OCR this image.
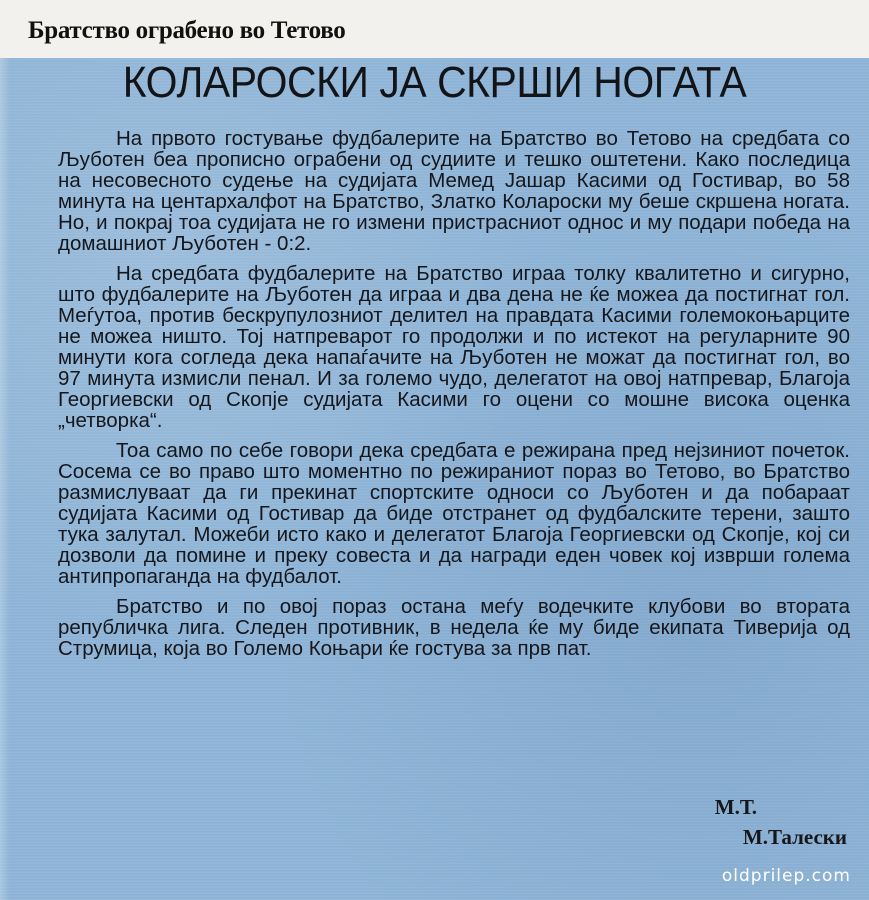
Братство ограбено во Тетово
КОЛАРОСКИ ЈА СКРШИ НОГАТА

На првото гостување фудбалерите на Братство во Тетово на средбата со Љуботен беа прописно ограбени од судиите и тешко оштетени. Како последица на несовесното судење на судијата Мемед Јашар Касими од Гостивар, во 58 минута на центархалфот на Братство, Златко Коларoски му беше скршена ногата. Но, и покрај тоа судијата не го измени пристрасниот однос и му подари победа на домашниот Љуботен - 0:2.

На средбата фудбалерите на Братство играа толку квалитетно и сигурно, што фудбалерите на Љуботен да играа и два дена не ќе можеа да постигнат гол. Меѓутоа, против бескрупулозниот делител на правдата Касими големокоњарците не можеа ништо. Тој натпреварот го продолжи и по истекот на регуларните 90 минути кога согледа дека напаѓачите на Љуботен не можат да постигнат гол, во 97 минута измисли пенал. И за големо чудо, делегатот на овој натпревар, Благоја Георгиевски од Скопје судијата Касими го оцени со мошне висока оценка „четворка“.

Тоа само по себе говори дека средбата е режирана пред нејзиниот почеток. Сосема се во право што моментно по режираниот пораз во Тетово, во Братство размислуваат да ги прекинат спортските односи со Љуботен и да побараат судијата Касими од Гостивар да биде отстранет од фудбалските терени, зашто тука залутал. Можеби исто како и делегатот Благоја Георгиевски од Скопје, кој си дозволи да помине и преку совеста и да награди еден човек кој изврши голема антипропаганда на фудбалот.

Братство и по овој пораз остана меѓу водечките клубови во втората републичка лига. Следен противник, в недела ќе му биде екипата Тиверија од Струмица, која во Големо Коњари ќе гостува за прв пат.

М.Т.
М.Талески
oldprilep.com
